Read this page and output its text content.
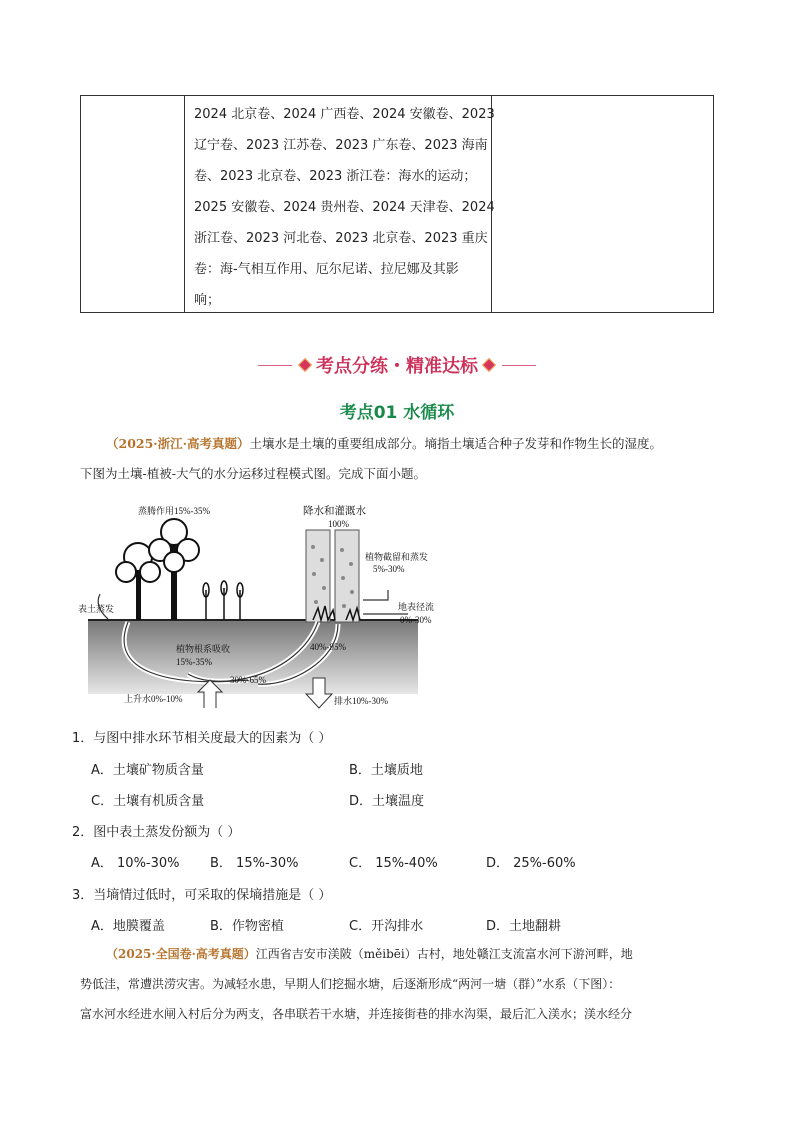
2024 北京卷、2024 广西卷、2024 安徽卷、2023

辽宁卷、2023 江苏卷、2023 广东卷、2023 海南

卷、2023 北京卷、2023 浙江卷：海水的运动；

2025 安徽卷、2024 贵州卷、2024 天津卷、2024

浙江卷、2023 河北卷、2023 北京卷、2023 重庆

卷：海-气相互作用、厄尔尼诺、拉尼娜及其影

响；

考点分练・精准达标
考点01 水循环

（2025·浙江·高考真题）土壤水是土壤的重要组成部分。墒指土壤适合种子发芽和作物生长的湿度。
下图为土壤-植被-大气的水分运移过程模式图。完成下面小题。

蒸腾作用15%-35%	降水和灌溉水
100%
植物截留和蒸发
5%-30%
表土蒸发	地表径流
0%-30%
植物根系吸收
15%-35%
40%-95%
30%-65%
上升水0%-10%	排水10%-30%
1．与图中排水环节相关度最大的因素为（ ）
A．土壤矿物质含量	B．土壤质地
C．土壤有机质含量	D．土壤温度
2．图中表土蒸发份额为（ ）
A． 10%-30% B． 15%-30%	C． 15%-40%	D． 25%-60%
3．当墒情过低时，可采取的保墒措施是（ ）
A．地膜覆盖	B．作物密植	C．开沟排水	D．土地翻耕

（2025·全国卷·高考真题）江西省吉安市渼陂（měibēi）古村，地处赣江支流富水河下游河畔，地
势低洼，常遭洪涝灾害。为减轻水患，早期人们挖掘水塘，后逐渐形成“两河一塘（群）”水系（下图）：
富水河水经进水闸入村后分为两支，各串联若干水塘，并连接街巷的排水沟渠，最后汇入渼水；渼水经分
